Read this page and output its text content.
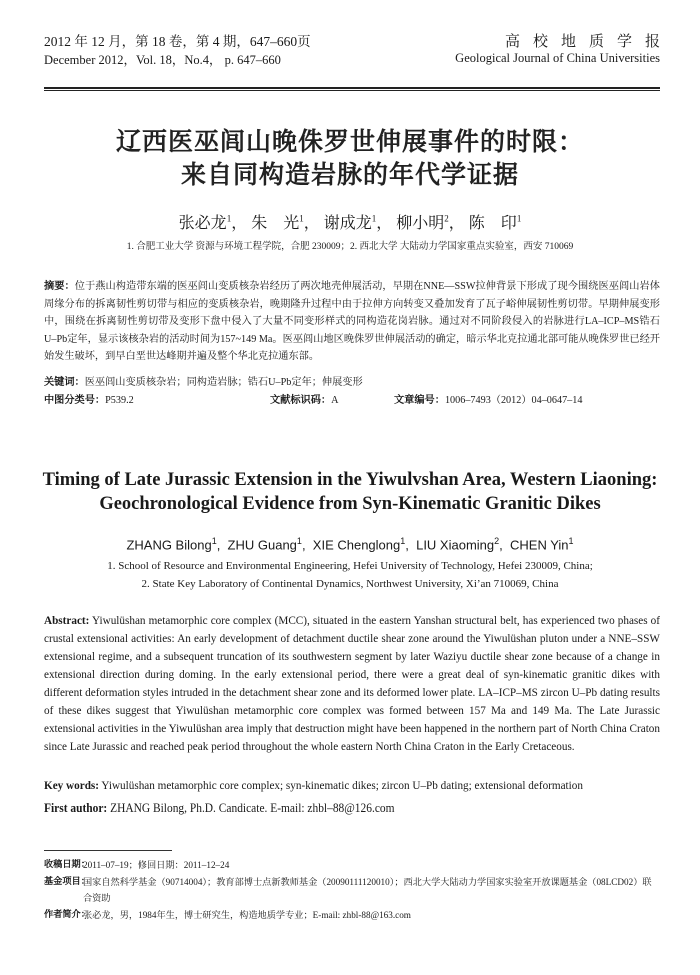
2012 年 12 月，第 18 卷，第 4 期，647–660页
December 2012，Vol. 18，No.4， p. 647–660
高校地质学报
Geological Journal of China Universities
辽西医巫闾山晚侏罗世伸展事件的时限：
来自同构造岩脉的年代学证据
张必龙$^1$， 朱　光$^1$， 谢成龙$^1$， 柳小明$^2$， 陈　印$^1$
1. 合肥工业大学 资源与环境工程学院，合肥 230009；2. 西北大学 大陆动力学国家重点实验室，西安 710069
摘要：位于燕山构造带东端的医巫闾山变质核杂岩经历了两次地壳伸展活动，早期在NNE—SSW拉伸背景下形成了现今围绕医巫闾山岩体周缘分布的拆离韧性剪切带与相应的变质核杂岩，晚期隆升过程中由于拉伸方向转变又叠加发育了瓦子峪伸展韧性剪切带。早期伸展变形中，围绕在拆离韧性剪切带及变形下盘中侵入了大量不同变形样式的同构造花岗岩脉。通过对不同阶段侵入的岩脉进行LA–ICP–MS锆石U–Pb定年，显示该核杂岩的活动时间为157~149 Ma。医巫闾山地区晚侏罗世伸展活动的确定，暗示华北克拉通北部可能从晚侏罗世已经开始发生破坏，到早白垩世达峰期并遍及整个华北克拉通东部。
关键词：医巫闾山变质核杂岩；同构造岩脉；锆石U–Pb定年；伸展变形
中图分类号：P539.2	文献标识码：A	文章编号：1006–7493（2012）04–0647–14
Timing of Late Jurassic Extension in the Yiwulvshan Area, Western Liaoning:
Geochronological Evidence from Syn-Kinematic Granitic Dikes
ZHANG Bilong$^1$,  ZHU Guang$^1$,  XIE Chenglong$^1$,  LIU Xiaoming$^2$,  CHEN Yin$^1$
1. School of Resource and Environmental Engineering, Hefei University of Technology, Hefei 230009, China;
2. State Key Laboratory of Continental Dynamics, Northwest University, Xi’an 710069, China
Abstract: Yiwulüshan metamorphic core complex (MCC), situated in the eastern Yanshan structural belt, has experienced two phases of crustal extensional activities: An early development of detachment ductile shear zone around the Yiwulüshan pluton under a NNE–SSW extensional regime, and a subsequent truncation of its southwestern segment by later Waziyu ductile shear zone because of a change in extensional direction during doming. In the early extensional period, there were a great deal of syn-kinematic granitic dikes with different deformation styles intruded in the detachment shear zone and its deformed lower plate. LA–ICP–MS zircon U–Pb dating results of these dikes suggest that Yiwulüshan metamorphic core complex was formed between 157 Ma and 149 Ma. The Late Jurassic extensional activities in the Yiwulüshan area imply that destruction might have been happened in the northern part of North China Craton since Late Jurassic and reached peak period throughout the whole eastern North China Craton in the Early Cretaceous.
Key words: Yiwulüshan metamorphic core complex; syn-kinematic dikes; zircon U–Pb dating; extensional deformation
First author: ZHANG Bilong, Ph.D. Candicate. E-mail: zhbl–88@126.com
收稿日期：
2011–07–19；修回日期：2011–12–24
基金项目：
国家自然科学基金（90714004）；教育部博士点新教师基金（20090111120010）；西北大学大陆动力学国家实验室开放课题基金（08LCD02）联合资助
作者简介：
张必龙，男，1984年生，博士研究生，构造地质学专业；E-mail: zhbl-88@163.com
